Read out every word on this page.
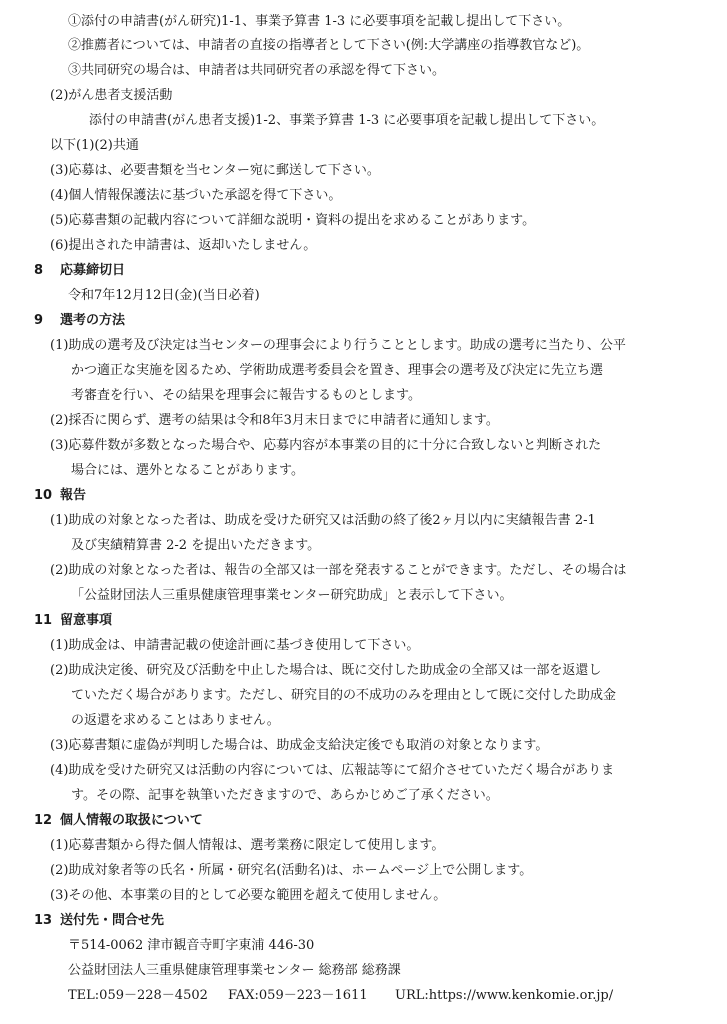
①添付の申請書(がん研究)1-1、事業予算書 1-3 に必要事項を記載し提出して下さい。
②推薦者については、申請者の直接の指導者として下さい(例:大学講座の指導教官など)。
③共同研究の場合は、申請者は共同研究者の承認を得て下さい。
(2)がん患者支援活動
添付の申請書(がん患者支援)1-2、事業予算書 1-3 に必要事項を記載し提出して下さい。
以下(1)(2)共通
(3)応募は、必要書類を当センター宛に郵送して下さい。
(4)個人情報保護法に基づいた承認を得て下さい。
(5)応募書類の記載内容について詳細な説明・資料の提出を求めることがあります。
(6)提出された申請書は、返却いたしません。
8 応募締切日
令和7年12月12日(金)(当日必着)
9 選考の方法
(1)助成の選考及び決定は当センターの理事会により行うこととします。助成の選考に当たり、公平
かつ適正な実施を図るため、学術助成選考委員会を置き、理事会の選考及び決定に先立ち選
考審査を行い、その結果を理事会に報告するものとします。
(2)採否に関らず、選考の結果は令和8年3月末日までに申請者に通知します。
(3)応募件数が多数となった場合や、応募内容が本事業の目的に十分に合致しないと判断された
場合には、選外となることがあります。
10 報告
(1)助成の対象となった者は、助成を受けた研究又は活動の終了後2ヶ月以内に実績報告書 2-1
及び実績精算書 2-2 を提出いただきます。
(2)助成の対象となった者は、報告の全部又は一部を発表することができます。ただし、その場合は
「公益財団法人三重県健康管理事業センター研究助成」と表示して下さい。
11 留意事項
(1)助成金は、申請書記載の使途計画に基づき使用して下さい。
(2)助成決定後、研究及び活動を中止した場合は、既に交付した助成金の全部又は一部を返還し
ていただく場合があります。ただし、研究目的の不成功のみを理由として既に交付した助成金
の返還を求めることはありません。
(3)応募書類に虚偽が判明した場合は、助成金支給決定後でも取消の対象となります。
(4)助成を受けた研究又は活動の内容については、広報誌等にて紹介させていただく場合がありま
す。その際、記事を執筆いただきますので、あらかじめご了承ください。
12 個人情報の取扱について
(1)応募書類から得た個人情報は、選考業務に限定して使用します。
(2)助成対象者等の氏名・所属・研究名(活動名)は、ホームページ上で公開します。
(3)その他、本事業の目的として必要な範囲を超えて使用しません。
13 送付先・問合せ先
〒514-0062 津市観音寺町字東浦 446-30
公益財団法人三重県健康管理事業センター 総務部 総務課
TEL:059－228－4502 FAX:059－223－1611 URL:https://www.kenkomie.or.jp/
